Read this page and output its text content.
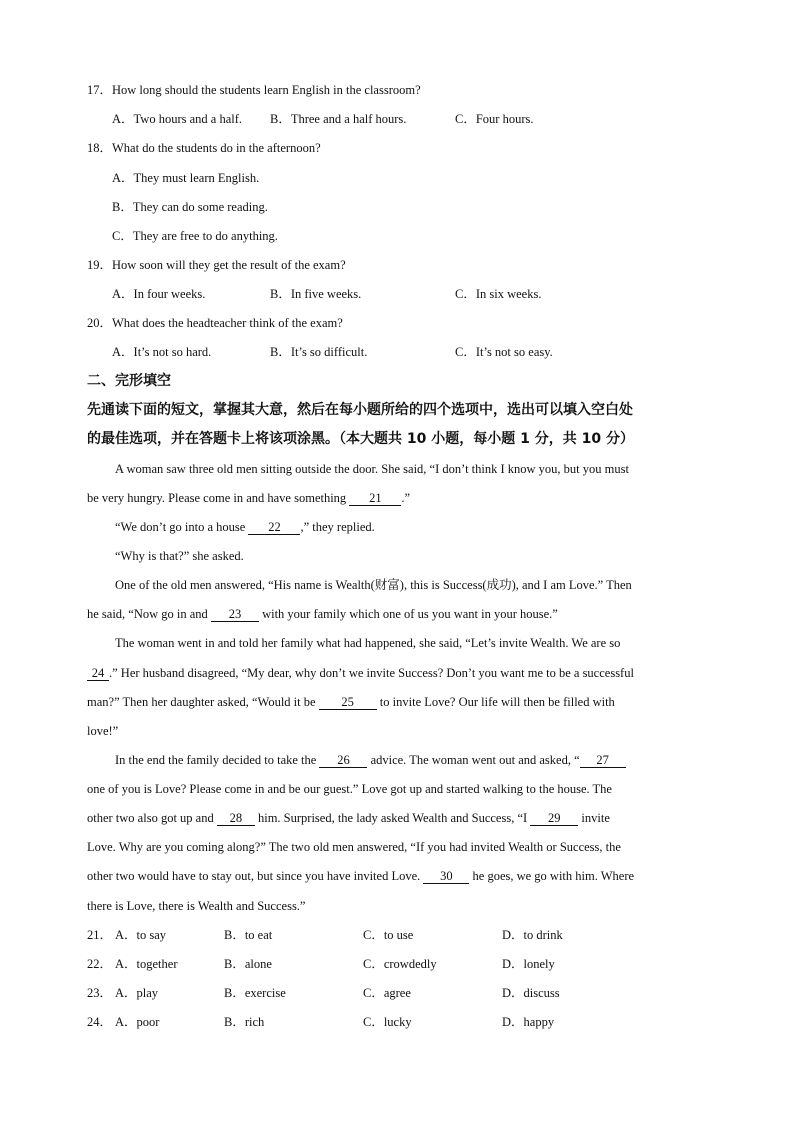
17．How long should the students learn English in the classroom?
A．Two hours and a half. B．Three and a half hours.	C．Four hours.
18．What do the students do in the afternoon?
A．They must learn English.
B．They can do some reading.
C．They are free to do anything.
19．How soon will they get the result of the exam?
A．In four weeks.	B．In five weeks.	C．In six weeks.
20．What does the headteacher think of the exam?
A．It’s not so hard.	B．It’s so difficult.	C．It’s not so easy.
二、完形填空
先通读下面的短文，掌握其大意，然后在每小题所给的四个选项中，选出可以填入空白处
的最佳选项，并在答题卡上将该项涂黑。（本大题共 10 小题，每小题 1 分，共 10 分）
A woman saw three old men sitting outside the door. She said, “I don’t think I know you, but you must
be very hungry. Please come in and have something 21 .”
“We don’t go into a house 22 ,” they replied.
“Why is that?” she asked.
One of the old men answered, “His name is Wealth(财富), this is Success(成功), and I am Love.” Then
he said, “Now go in and 23 with your family which one of us you want in your house.”
The woman went in and told her family what had happened, she said, “Let’s invite Wealth. We are so
24 .” Her husband disagreed, “My dear, why don’t we invite Success? Don’t you want me to be a successful
man?” Then her daughter asked, “Would it be 25 to invite Love? Our life will then be filled with
love!”
In the end the family decided to take the 26 advice. The woman went out and asked, “ 27
one of you is Love? Please come in and be our guest.” Love got up and started walking to the house. The
other two also got up and 28 him. Surprised, the lady asked Wealth and Success, “I 29 invite
Love. Why are you coming along?” The two old men answered, “If you had invited Wealth or Success, the
other two would have to stay out, but since you have invited Love. 30 he goes, we go with him. Where
there is Love, there is Wealth and Success.”
21． A．to say	B．to eat	C．to use	D．to drink
22． A．together	B．alone	C．crowdedly	D．lonely
23． A．play	B．exercise	C．agree	D．discuss
24． A．poor	B．rich	C．lucky	D．happy
